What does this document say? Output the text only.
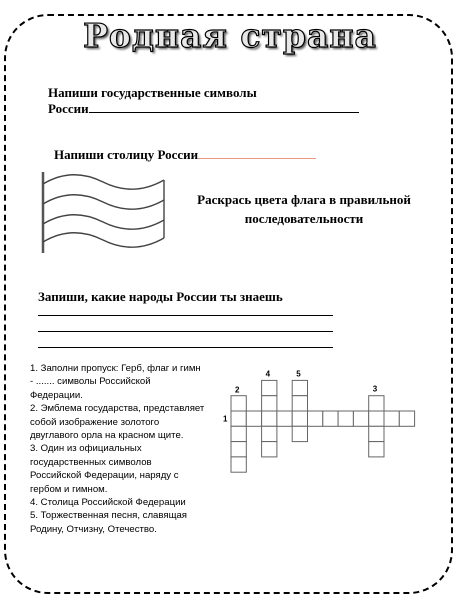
Родная страна
Напиши государственные символы
России
Напиши столицу России
Раскрась цвета флага в правильной
последовательности
Запиши, какие народы России ты знаешь
1. Заполни пропуск: Герб, флаг и гимн - ....... символы Российской Федерации.
2. Эмблема государства, представляет собой изображение золотого двуглавого орла на красном щите.
3. Один из официальных государственных символов Российской Федерации, наряду с гербом и гимном.
4. Столица Российской Федерации
5. Торжественная песня, славящая Родину, Отчизну, Отечество.
1
2	3
4	5
